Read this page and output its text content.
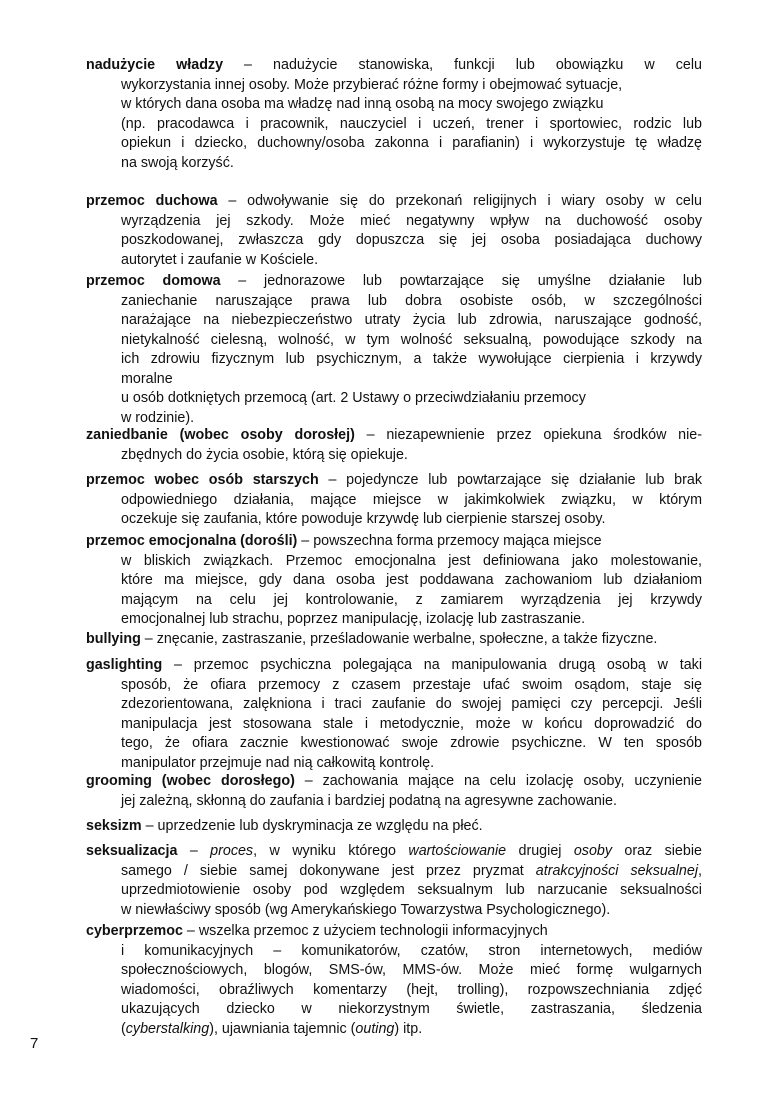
nadużycie władzy – nadużycie stanowiska, funkcji lub obowiązku w celu
wykorzystania innej osoby. Może przybierać różne formy i obejmować sytuacje,
w których dana osoba ma władzę nad inną osobą na mocy swojego związku
(np. pracodawca i pracownik, nauczyciel i uczeń, trener i sportowiec, rodzic lub
opiekun i dziecko, duchowny/osoba zakonna i parafianin) i wykorzystuje tę władzę
na swoją korzyść.
przemoc duchowa – odwoływanie się do przekonań religijnych i wiary osoby w celu
wyrządzenia jej szkody. Może mieć negatywny wpływ na duchowość osoby
poszkodowanej, zwłaszcza gdy dopuszcza się jej osoba posiadająca duchowy
autorytet i zaufanie w Kościele.
przemoc domowa – jednorazowe lub powtarzające się umyślne działanie lub
zaniechanie naruszające prawa lub dobra osobiste osób, w szczególności
narażające na niebezpieczeństwo utraty życia lub zdrowia, naruszające godność,
nietykalność cielesną, wolność, w tym wolność seksualną, powodujące szkody na
ich zdrowiu fizycznym lub psychicznym, a także wywołujące cierpienia i krzywdy
moralne
u osób dotkniętych przemocą (art. 2 Ustawy o przeciwdziałaniu przemocy
w rodzinie).
zaniedbanie (wobec osoby dorosłej) – niezapewnienie przez opiekuna środków nie-
zbędnych do życia osobie, którą się opiekuje.
przemoc wobec osób starszych – pojedyncze lub powtarzające się działanie lub brak
odpowiedniego działania, mające miejsce w jakimkolwiek związku, w którym
oczekuje się zaufania, które powoduje krzywdę lub cierpienie starszej osoby.
przemoc emocjonalna (dorośli) – powszechna forma przemocy mająca miejsce
w bliskich związkach. Przemoc emocjonalna jest definiowana jako molestowanie,
które ma miejsce, gdy dana osoba jest poddawana zachowaniom lub działaniom
mającym na celu jej kontrolowanie, z zamiarem wyrządzenia jej krzywdy
emocjonalnej lub strachu, poprzez manipulację, izolację lub zastraszanie.
bullying – znęcanie, zastraszanie, prześladowanie werbalne, społeczne, a także fizyczne.
gaslighting – przemoc psychiczna polegająca na manipulowania drugą osobą w taki
sposób, że ofiara przemocy z czasem przestaje ufać swoim osądom, staje się
zdezorientowana, zalękniona i traci zaufanie do swojej pamięci czy percepcji. Jeśli
manipulacja jest stosowana stale i metodycznie, może w końcu doprowadzić do
tego, że ofiara zacznie kwestionować swoje zdrowie psychiczne. W ten sposób
manipulator przejmuje nad nią całkowitą kontrolę.
grooming (wobec dorosłego) – zachowania mające na celu izolację osoby, uczynienie
jej zależną, skłonną do zaufania i bardziej podatną na agresywne zachowanie.
seksizm – uprzedzenie lub dyskryminacja ze względu na płeć.
seksualizacja – proces, w wyniku którego wartościowanie drugiej osoby oraz siebie
samego / siebie samej dokonywane jest przez pryzmat atrakcyjności seksualnej,
uprzedmiotowienie osoby pod względem seksualnym lub narzucanie seksualności
w niewłaściwy sposób (wg Amerykańskiego Towarzystwa Psychologicznego).
cyberprzemoc – wszelka przemoc z użyciem technologii informacyjnych
i komunikacyjnych – komunikatorów, czatów, stron internetowych, mediów
społecznościowych, blogów, SMS-ów, MMS-ów. Może mieć formę wulgarnych
wiadomości, obraźliwych komentarzy (hejt, trolling), rozpowszechniania zdjęć
ukazujących dziecko w niekorzystnym świetle, zastraszania, śledzenia
(cyberstalking), ujawniania tajemnic (outing) itp.
7
